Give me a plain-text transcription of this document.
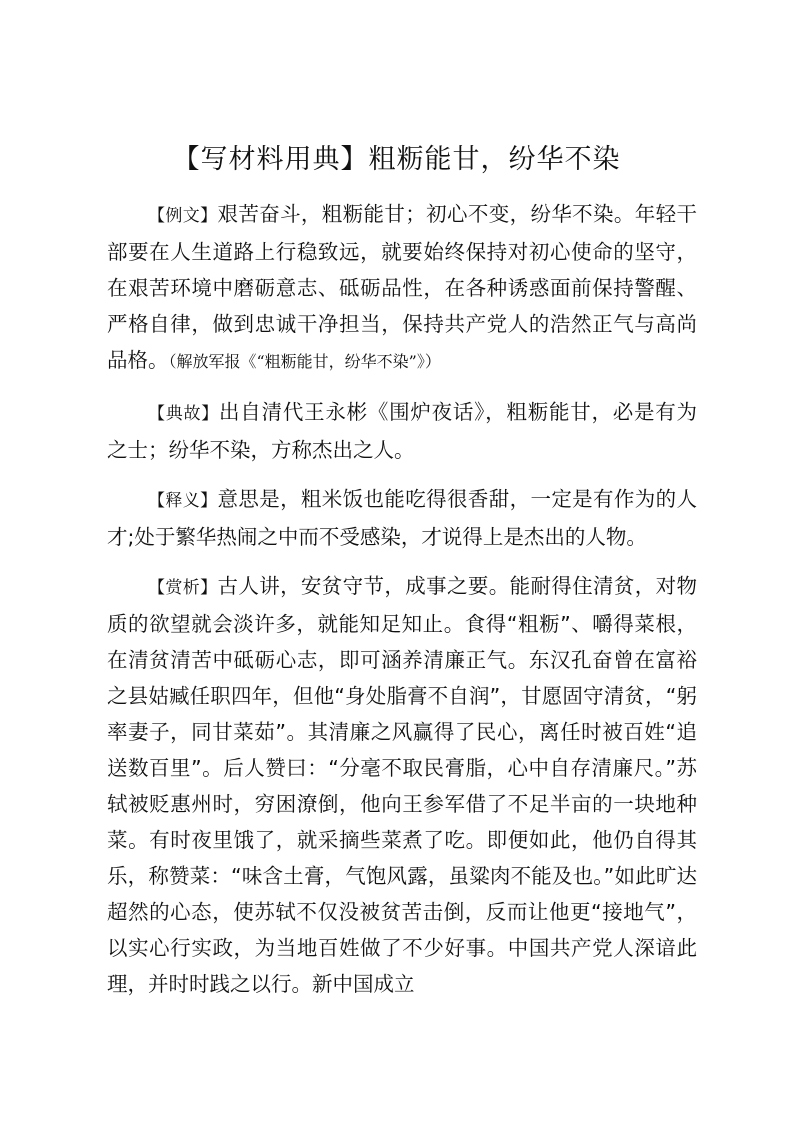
【写材料用典】粗粝能甘，纷华不染

【例文】艰苦奋斗，粗粝能甘；初心不变，纷华不染。年轻干部要在人生道路上行稳致远，就要始终保持对初心使命的坚守，在艰苦环境中磨砺意志、砥砺品性，在各种诱惑面前保持警醒、严格自律，做到忠诚干净担当，保持共产党人的浩然正气与高尚品格。（解放军报《“粗粝能甘，纷华不染”》）

【典故】出自清代王永彬《围炉夜话》，粗粝能甘，必是有为之士；纷华不染，方称杰出之人。

【释义】意思是，粗米饭也能吃得很香甜，一定是有作为的人才;处于繁华热闹之中而不受感染，才说得上是杰出的人物。

【赏析】古人讲，安贫守节，成事之要。能耐得住清贫，对物质的欲望就会淡许多，就能知足知止。食得“粗粝”、嚼得菜根，在清贫清苦中砥砺心志，即可涵养清廉正气。东汉孔奋曾在富裕之县姑臧任职四年，但他“身处脂膏不自润”，甘愿固守清贫，“躬率妻子，同甘菜茹”。其清廉之风赢得了民心，离任时被百姓“追送数百里”。后人赞曰：“分毫不取民膏脂，心中自存清廉尺。”苏轼被贬惠州时，穷困潦倒，他向王参军借了不足半亩的一块地种菜。有时夜里饿了，就采摘些菜煮了吃。即便如此，他仍自得其乐，称赞菜：“味含土膏，气饱风露，虽粱肉不能及也。”如此旷达超然的心态，使苏轼不仅没被贫苦击倒，反而让他更“接地气”，以实心行实政，为当地百姓做了不少好事。中国共产党人深谙此理，并时时践之以行。新中国成立
